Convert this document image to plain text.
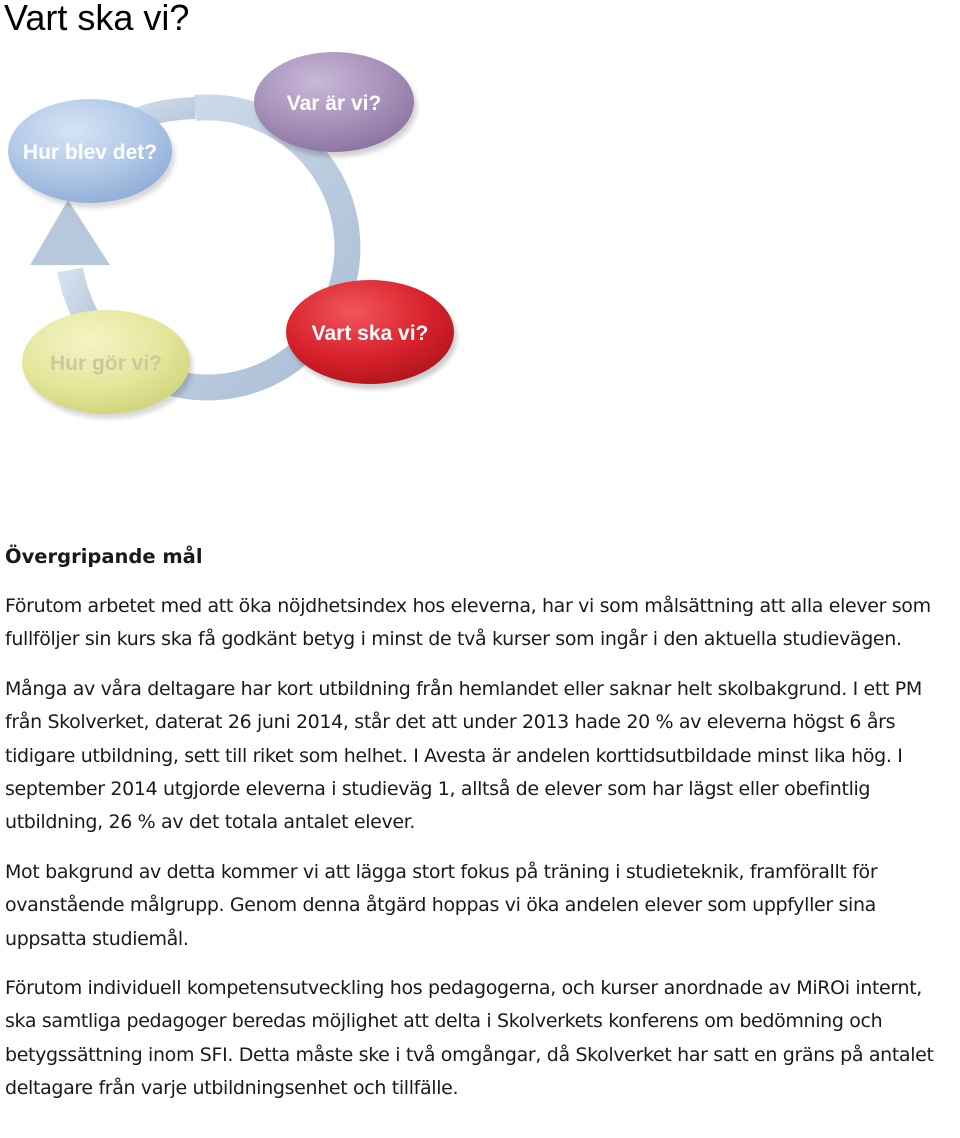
Vart ska vi?
Var är vi?
Hur blev det?
Vart ska vi?
Hur gör vi?
Övergripande mål

Förutom arbetet med att öka nöjdhetsindex hos eleverna, har vi som målsättning att alla elever som fullföljer sin kurs ska få godkänt betyg i minst de två kurser som ingår i den aktuella studievägen.

Många av våra deltagare har kort utbildning från hemlandet eller saknar helt skolbakgrund. I ett PM från Skolverket, daterat 26 juni 2014, står det att under 2013 hade 20 % av eleverna högst 6 års tidigare utbildning, sett till riket som helhet. I Avesta är andelen korttidsutbildade minst lika hög. I september 2014 utgjorde eleverna i studieväg 1, alltså de elever som har lägst eller obefintlig utbildning, 26 % av det totala antalet elever.

Mot bakgrund av detta kommer vi att lägga stort fokus på träning i studieteknik, framförallt för ovanstående målgrupp. Genom denna åtgärd hoppas vi öka andelen elever som uppfyller sina uppsatta studiemål.

Förutom individuell kompetensutveckling hos pedagogerna, och kurser anordnade av MiROi internt, ska samtliga pedagoger beredas möjlighet att delta i Skolverkets konferens om bedömning och betygssättning inom SFI. Detta måste ske i två omgångar, då Skolverket har satt en gräns på antalet deltagare från varje utbildningsenhet och tillfälle.
